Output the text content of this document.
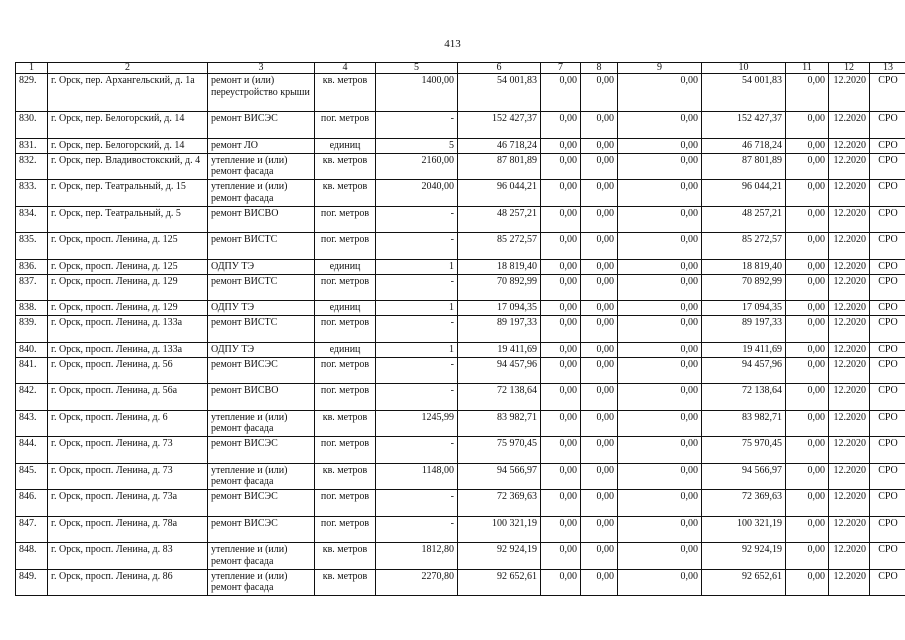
413
1	2	3	4	5	6	7	8	9	10	11	12	13
829.	г. Орск, пер. Архангельский, д. 1а	ремонт и (или) переустройство крыши	кв. метров	1400,00	54 001,83	0,00	0,00	0,00	54 001,83	0,00	12.2020	СРО
830.	г. Орск, пер. Белогорский, д. 14	ремонт ВИСЭС	пог. метров	-	152 427,37	0,00	0,00	0,00	152 427,37	0,00	12.2020	СРО
831.	г. Орск, пер. Белогорский, д. 14	ремонт ЛО	единиц	5	46 718,24	0,00	0,00	0,00	46 718,24	0,00	12.2020	СРО
832.	г. Орск, пер. Владивостокский, д. 4	утепление и (или) ремонт фасада	кв. метров	2160,00	87 801,89	0,00	0,00	0,00	87 801,89	0,00	12.2020	СРО
833.	г. Орск, пер. Театральный, д. 15	утепление и (или) ремонт фасада	кв. метров	2040,00	96 044,21	0,00	0,00	0,00	96 044,21	0,00	12.2020	СРО
834.	г. Орск, пер. Театральный, д. 5	ремонт ВИСВО	пог. метров	-	48 257,21	0,00	0,00	0,00	48 257,21	0,00	12.2020	СРО
835.	г. Орск, просп. Ленина, д. 125	ремонт ВИСТС	пог. метров	-	85 272,57	0,00	0,00	0,00	85 272,57	0,00	12.2020	СРО
836.	г. Орск, просп. Ленина, д. 125	ОДПУ ТЭ	единиц	1	18 819,40	0,00	0,00	0,00	18 819,40	0,00	12.2020	СРО
837.	г. Орск, просп. Ленина, д. 129	ремонт ВИСТС	пог. метров	-	70 892,99	0,00	0,00	0,00	70 892,99	0,00	12.2020	СРО
838.	г. Орск, просп. Ленина, д. 129	ОДПУ ТЭ	единиц	1	17 094,35	0,00	0,00	0,00	17 094,35	0,00	12.2020	СРО
839.	г. Орск, просп. Ленина, д. 133а	ремонт ВИСТС	пог. метров	-	89 197,33	0,00	0,00	0,00	89 197,33	0,00	12.2020	СРО
840.	г. Орск, просп. Ленина, д. 133а	ОДПУ ТЭ	единиц	1	19 411,69	0,00	0,00	0,00	19 411,69	0,00	12.2020	СРО
841.	г. Орск, просп. Ленина, д. 56	ремонт ВИСЭС	пог. метров	-	94 457,96	0,00	0,00	0,00	94 457,96	0,00	12.2020	СРО
842.	г. Орск, просп. Ленина, д. 56а	ремонт ВИСВО	пог. метров	-	72 138,64	0,00	0,00	0,00	72 138,64	0,00	12.2020	СРО
843.	г. Орск, просп. Ленина, д. 6	утепление и (или) ремонт фасада	кв. метров	1245,99	83 982,71	0,00	0,00	0,00	83 982,71	0,00	12.2020	СРО
844.	г. Орск, просп. Ленина, д. 73	ремонт ВИСЭС	пог. метров	-	75 970,45	0,00	0,00	0,00	75 970,45	0,00	12.2020	СРО
845.	г. Орск, просп. Ленина, д. 73	утепление и (или) ремонт фасада	кв. метров	1148,00	94 566,97	0,00	0,00	0,00	94 566,97	0,00	12.2020	СРО
846.	г. Орск, просп. Ленина, д. 73а	ремонт ВИСЭС	пог. метров	-	72 369,63	0,00	0,00	0,00	72 369,63	0,00	12.2020	СРО
847.	г. Орск, просп. Ленина, д. 78а	ремонт ВИСЭС	пог. метров	-	100 321,19	0,00	0,00	0,00	100 321,19	0,00	12.2020	СРО
848.	г. Орск, просп. Ленина, д. 83	утепление и (или) ремонт фасада	кв. метров	1812,80	92 924,19	0,00	0,00	0,00	92 924,19	0,00	12.2020	СРО
849.	г. Орск, просп. Ленина, д. 86	утепление и (или) ремонт фасада	кв. метров	2270,80	92 652,61	0,00	0,00	0,00	92 652,61	0,00	12.2020	СРО
